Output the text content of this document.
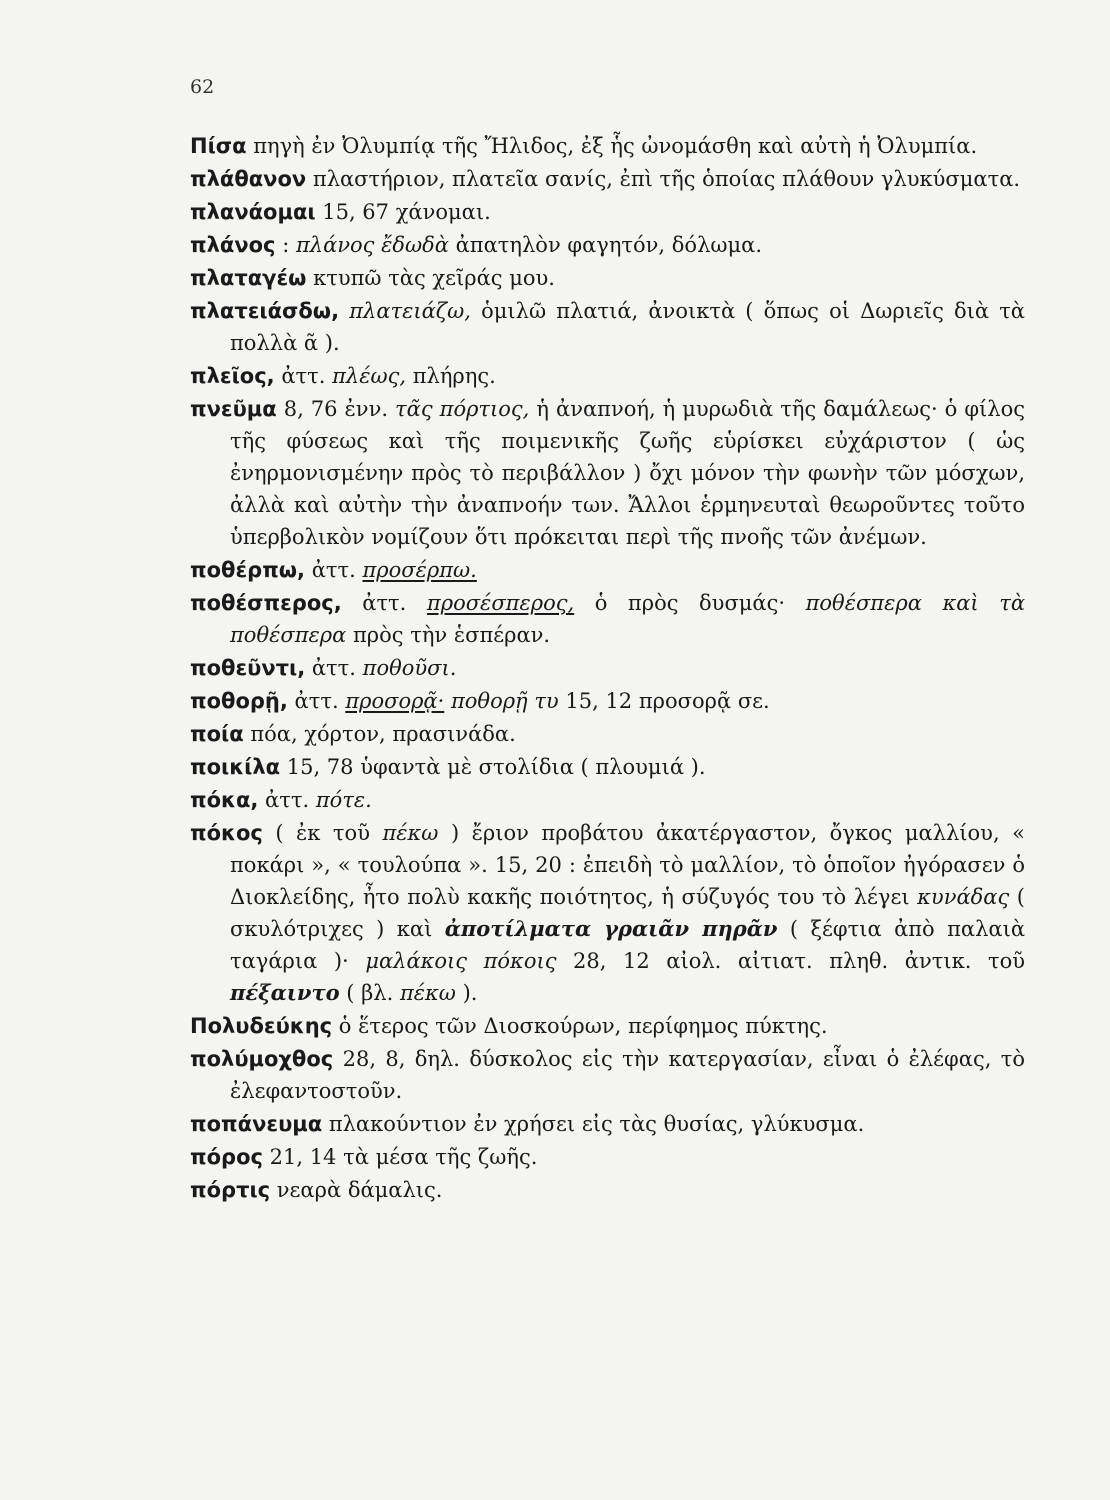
62

Πίσα πηγὴ ἐν Ὀλυμπίᾳ τῆς Ἤλιδος, ἐξ ἧς ὠνομάσθη καὶ αὐτὴ ἡ Ὀλυμπία.

πλάθανον πλαστήριον, πλατεῖα σανίς, ἐπὶ τῆς ὁποίας πλάθουν γλυκύσματα.

πλανάομαι 15, 67 χάνομαι.

πλάνος : πλάνος ἔδωδὰ ἀπατηλὸν φαγητόν, δόλωμα.

πλαταγέω κτυπῶ τὰς χεῖράς μου.

πλατειάσδω, πλατειάζω, ὁμιλῶ πλατιά, ἀνοικτὰ ( ὅπως οἱ Δωριεῖς διὰ τὰ πολλὰ ᾶ ).

πλεῖος, ἀττ. πλέως, πλήρης.

πνεῦμα 8, 76 ἐνν. τᾶς πόρτιος, ἡ ἀναπνοή, ἡ μυρωδιὰ τῆς δαμάλεως· ὁ φίλος τῆς φύσεως καὶ τῆς ποιμενικῆς ζωῆς εὑρίσκει εὐχάριστον ( ὡς ἐνηρμονισμένην πρὸς τὸ περιβάλλον ) ὄχι μόνον τὴν φωνὴν τῶν μόσχων, ἀλλὰ καὶ αὐτὴν τὴν ἀναπνοήν των. Ἄλλοι ἑρμηνευταὶ θεωροῦντες τοῦτο ὑπερβολικὸν νομίζουν ὅτι πρόκειται περὶ τῆς πνοῆς τῶν ἀνέμων.

ποθέρπω, ἀττ. προσέρπω.

ποθέσπερος, ἀττ. προσέσπερος, ὁ πρὸς δυσμάς· ποθέσπερα καὶ τὰ ποθέσπερα πρὸς τὴν ἑσπέραν.

ποθεῦντι, ἀττ. ποθοῦσι.

ποθορῇ, ἀττ. προσορᾷ· ποθορῇ τυ 15, 12 προσορᾷ σε.

ποία πόα, χόρτον, πρασινάδα.

ποικίλα 15, 78 ὑφαντὰ μὲ στολίδια ( πλουμιά ).

πόκα, ἀττ. πότε.

πόκος ( ἐκ τοῦ πέκω ) ἔριον προβάτου ἀκατέργαστον, ὄγκος μαλλίου, « ποκάρι », « τουλούπα ». 15, 20 : ἐπειδὴ τὸ μαλλίον, τὸ ὁποῖον ἠγόρασεν ὁ Διοκλείδης, ἦτο πολὺ κακῆς ποιότητος, ἡ σύζυγός του τὸ λέγει κυνάδας ( σκυλότριχες ) καὶ ἀποτίλματα γραιᾶν πηρᾶν ( ξέφτια ἀπὸ παλαιὰ ταγάρια )· μαλάκοις πόκοις 28, 12 αἰολ. αἰτιατ. πληθ. ἀντικ. τοῦ πέξαιντο ( βλ. πέκω ).

Πολυδεύκης ὁ ἕτερος τῶν Διοσκούρων, περίφημος πύκτης.

πολύμοχθος 28, 8, δηλ. δύσκολος εἰς τὴν κατεργασίαν, εἶναι ὁ ἐλέφας, τὸ ἐλεφαντοστοῦν.

ποπάνευμα πλακούντιον ἐν χρήσει εἰς τὰς θυσίας, γλύκυσμα.

πόρος 21, 14 τὰ μέσα τῆς ζωῆς.

πόρτις νεαρὰ δάμαλις.
